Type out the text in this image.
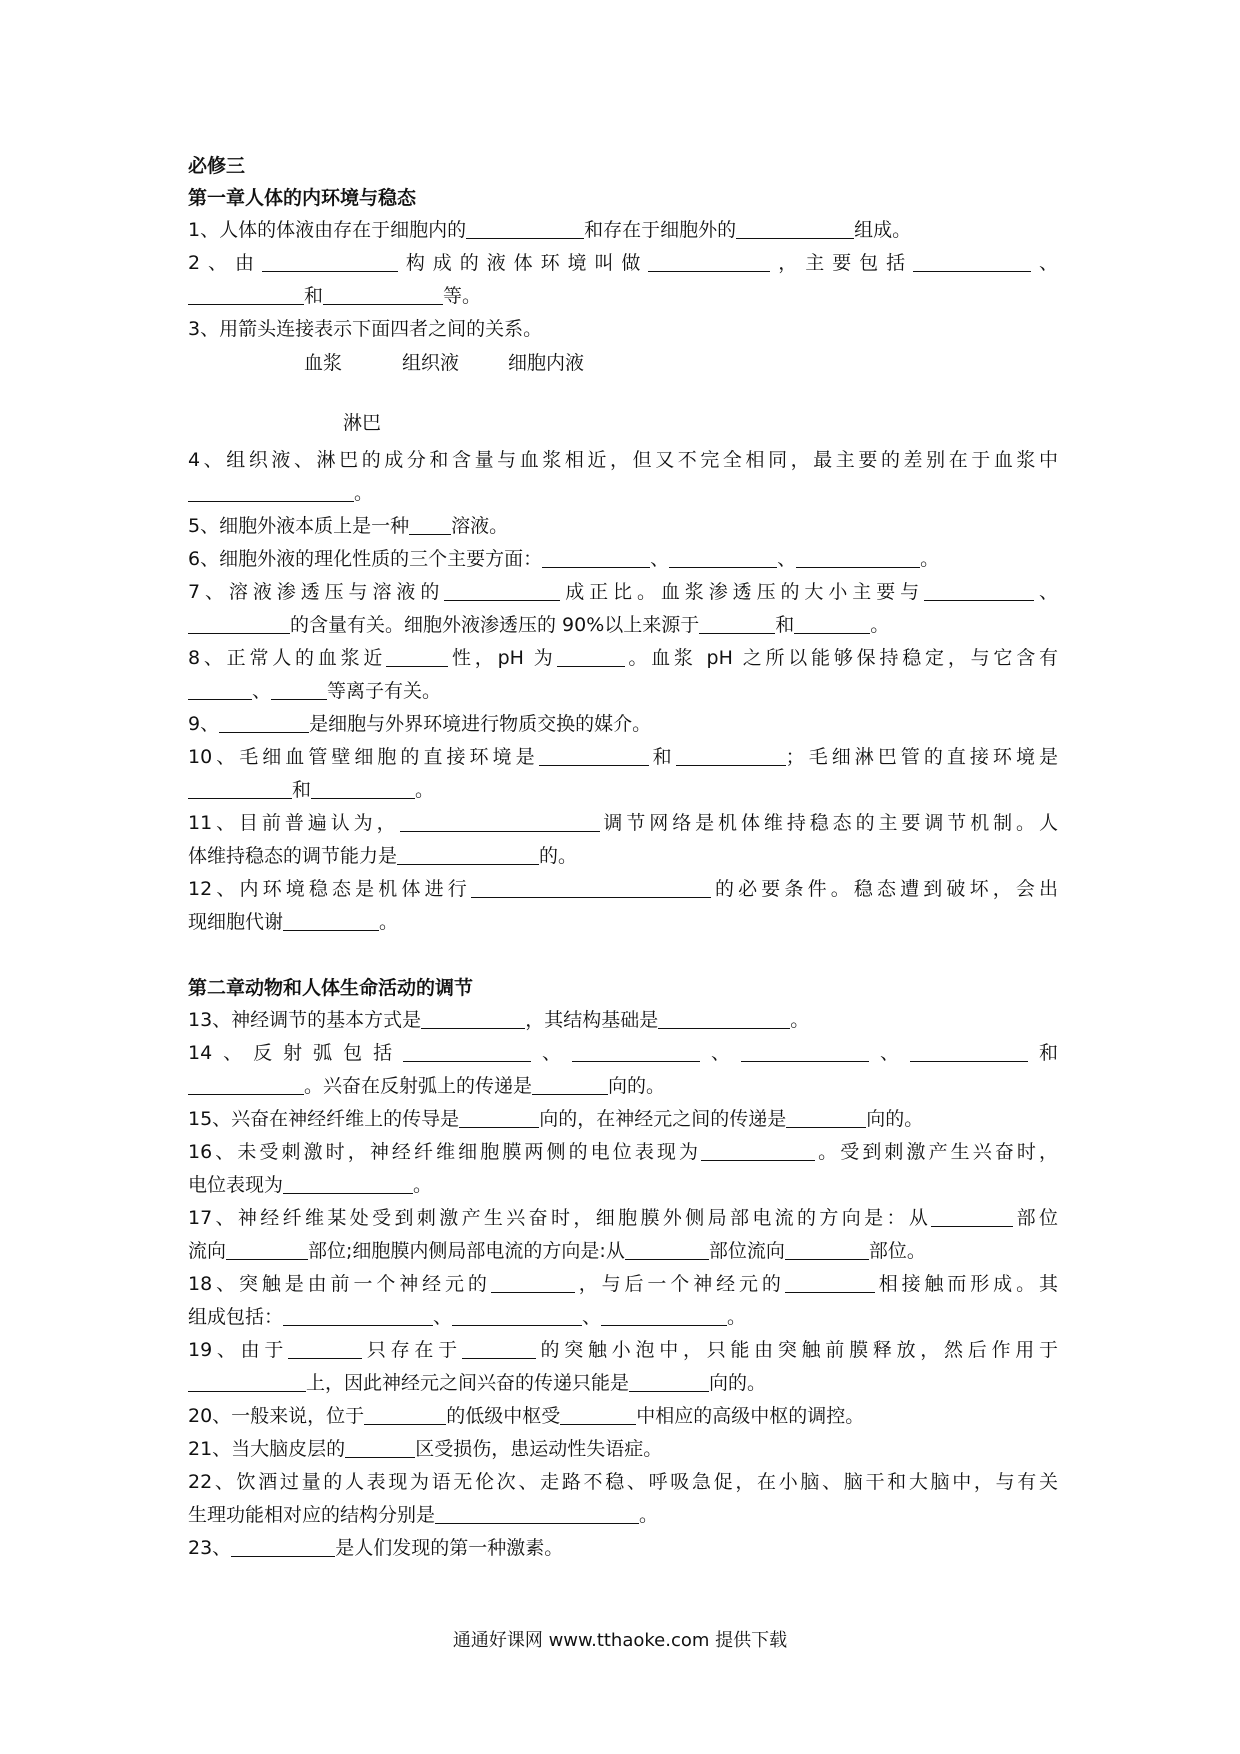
必修三
第一章人体的内环境与稳态
1、人体的体液由存在于细胞内的	和存在于细胞外的	组成。
2、由	构成的液体环境叫做	，主要包括	、
和	等。
3、用箭头连接表示下面四者之间的关系。
血浆	组织液	细胞内液
淋巴
4、组织液、淋巴的成分和含量与血浆相近，但又不完全相同，最主要的差别在于血浆中
。
5、细胞外液本质上是一种 溶液。
6、细胞外液的理化性质的三个主要方面：	、	、	。
7、溶液渗透压与溶液的	成正比。血浆渗透压的大小主要与	、
的含量有关。细胞外液渗透压的 90%以上来源于	和	。
8、正常人的血浆近	性，pH 为	。血浆 pH 之所以能够保持稳定，与它含有
、	等离子有关。
9、	是细胞与外界环境进行物质交换的媒介。
10、毛细血管壁细胞的直接环境是	和	；毛细淋巴管的直接环境是
和	。
11、目前普遍认为，	调节网络是机体维持稳态的主要调节机制。人
体维持稳态的调节能力是	的。
12、内环境稳态是机体进行	的必要条件。稳态遭到破坏，会出
现细胞代谢	。
第二章动物和人体生命活动的调节
13、神经调节的基本方式是	，其结构基础是	。
14、反射弧包括	、	、	、	和
。兴奋在反射弧上的传递是	向的。
15、兴奋在神经纤维上的传导是	向的，在神经元之间的传递是	向的。
16、未受刺激时，神经纤维细胞膜两侧的电位表现为	。受到刺激产生兴奋时，
电位表现为	。
17、神经纤维某处受到刺激产生兴奋时，细胞膜外侧局部电流的方向是：从	部位
流向	部位;细胞膜内侧局部电流的方向是:从	部位流向	部位。
18、突触是由前一个神经元的	，与后一个神经元的	相接触而形成。其
组成包括：	、	、	。
19、由于	只存在于	的突触小泡中，只能由突触前膜释放，然后作用于
上，因此神经元之间兴奋的传递只能是	向的。
20、一般来说，位于	的低级中枢受	中相应的高级中枢的调控。
21、当大脑皮层的	区受损伤，患运动性失语症。
22、饮酒过量的人表现为语无伦次、走路不稳、呼吸急促，在小脑、脑干和大脑中，与有关
生理功能相对应的结构分别是	。
23、	是人们发现的第一种激素。
通通好课网 www.tthaoke.com 提供下载
